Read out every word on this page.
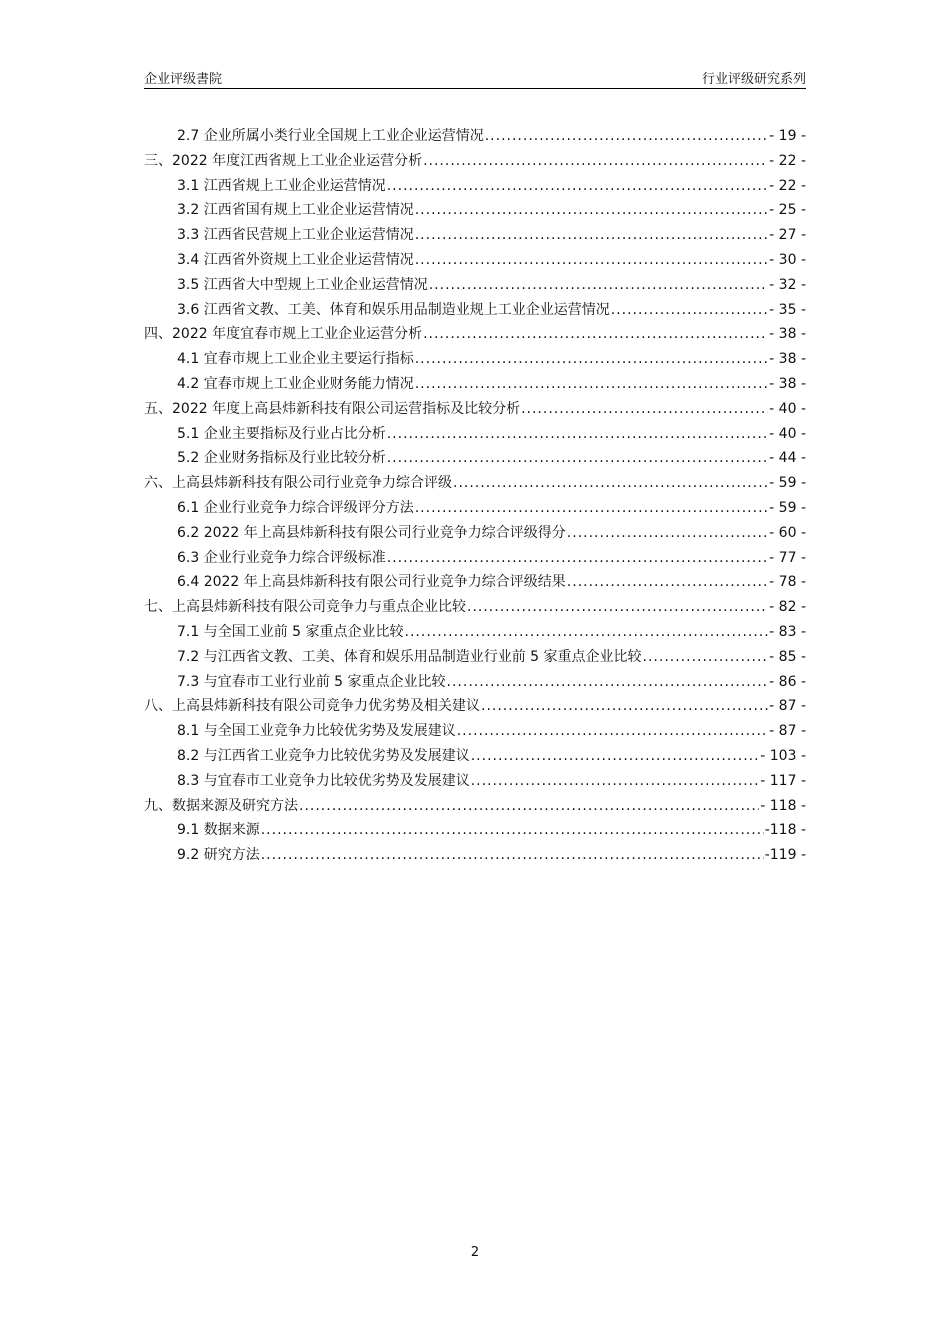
企业评级書院	行业评级研究系列
2.7 企业所属小类行业全国规上工业企业运营情况 .....	- 19 -
三、2022 年度江西省规上工业企业运营分析 .....	- 22 -
3.1 江西省规上工业企业运营情况 .....	- 22 -
3.2 江西省国有规上工业企业运营情况 .....	- 25 -
3.3 江西省民营规上工业企业运营情况 .....	- 27 -
3.4 江西省外资规上工业企业运营情况 .....	- 30 -
3.5 江西省大中型规上工业企业运营情况 .....	- 32 -
3.6 江西省文教、工美、体育和娱乐用品制造业规上工业企业运营情况 .....	- 35 -
四、2022 年度宜春市规上工业企业运营分析 .....	- 38 -
4.1 宜春市规上工业企业主要运行指标 .....	- 38 -
4.2 宜春市规上工业企业财务能力情况 .....	- 38 -
五、2022 年度上高县炜新科技有限公司运营指标及比较分析 .....	- 40 -
5.1 企业主要指标及行业占比分析 .....	- 40 -
5.2 企业财务指标及行业比较分析 .....	- 44 -
六、上高县炜新科技有限公司行业竞争力综合评级 .....	- 59 -
6.1 企业行业竞争力综合评级评分方法 .....	- 59 -
6.2 2022 年上高县炜新科技有限公司行业竞争力综合评级得分 .....	- 60 -
6.3 企业行业竞争力综合评级标准 .....	- 77 -
6.4 2022 年上高县炜新科技有限公司行业竞争力综合评级结果 .....	- 78 -
七、上高县炜新科技有限公司竞争力与重点企业比较 .....	- 82 -
7.1 与全国工业前 5 家重点企业比较 .....	- 83 -
7.2 与江西省文教、工美、体育和娱乐用品制造业行业前 5 家重点企业比较 .....	- 85 -
7.3 与宜春市工业行业前 5 家重点企业比较 .....	- 86 -
八、上高县炜新科技有限公司竞争力优劣势及相关建议 .....	- 87 -
8.1 与全国工业竞争力比较优劣势及发展建议 .....	- 87 -
8.2 与江西省工业竞争力比较优劣势及发展建议 .....	- 103 -
8.3 与宜春市工业竞争力比较优劣势及发展建议 .....	- 117 -
九、数据来源及研究方法 .....	- 118 -
9.1 数据来源 .....	-118 -
9.2 研究方法 .....	-119 -
2
